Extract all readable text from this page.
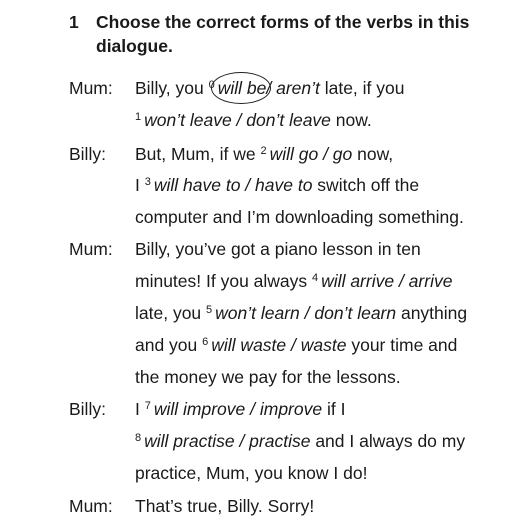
1 Choose the correct forms of the verbs in this dialogue.
Mum: Billy, you $^0$ will be/ aren’t late, if you
$^1$ won’t leave / don’t leave now.
Billy: But, Mum, if we $^2$ will go / go now,
I $^3$ will have to / have to switch off the
computer and I’m downloading something.
Mum: Billy, you’ve got a piano lesson in ten
minutes! If you always $^4$ will arrive / arrive
late, you $^5$ won’t learn / don’t learn anything
and you $^6$ will waste / waste your time and
the money we pay for the lessons.
Billy: I $^7$ will improve / improve if I
$^8$ will practise / practise and I always do my
practice, Mum, you know I do!
Mum: That’s true, Billy. Sorry!
